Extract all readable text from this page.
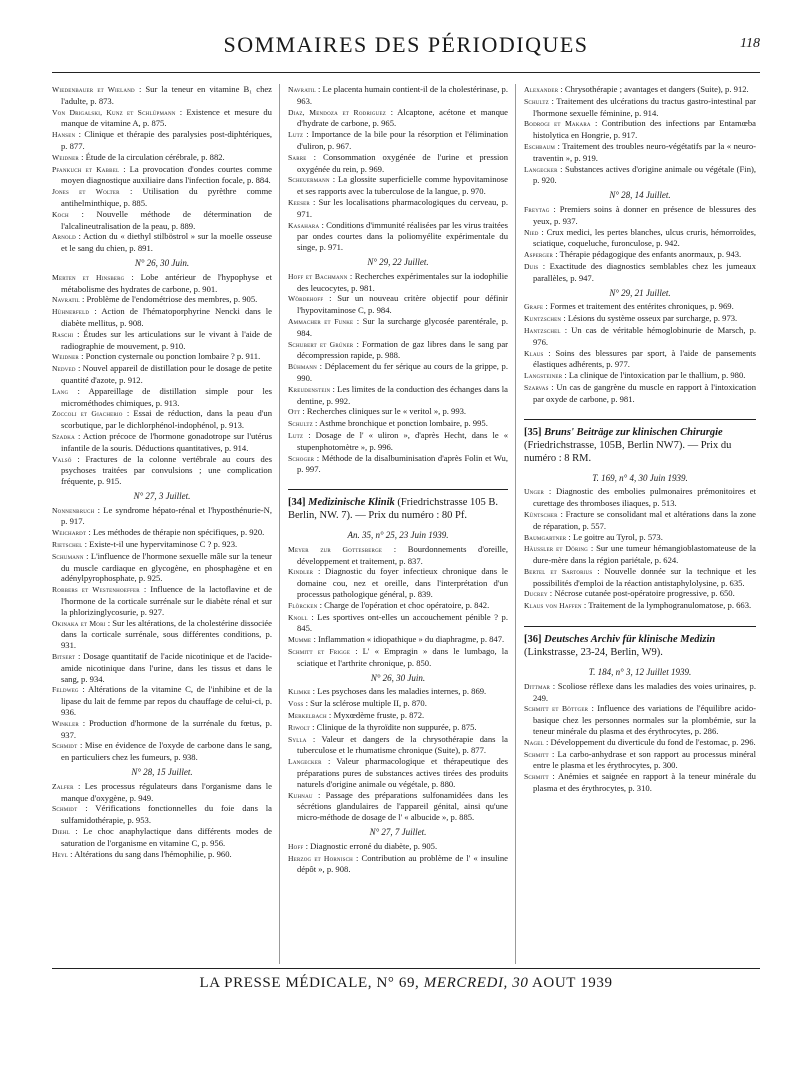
SOMMAIRES DES PÉRIODIQUES	118

Wiedenbauer et Wieland : Sur la teneur en vitamine B₁ chez l'adulte, p. 873.

Von Drigalski, Kunz et Schlüpmann : Existence et mesure du manque de vitamine A, p. 875.

Hansen : Clinique et thérapie des paralysies post-diphtériques, p. 877.

Weidner : Étude de la circulation cérébrale, p. 882.

Pfankuch et Kabbel : La provocation d'ondes courtes comme moyen diagnostique auxiliaire dans l'infection focale, p. 884.

Jones et Wolter : Utilisation du pyrèthre comme antihelminthique, p. 885.

Koch : Nouvelle méthode de détermination de l'alcalineutralisation de la peau, p. 889.

Arnold : Action du « diethyl stilböstrol » sur la moelle osseuse et le sang du chien, p. 891.

N° 26, 30 Juin.

Merten et Hinsberg : Lobe antérieur de l'hypophyse et métabolisme des hydrates de carbone, p. 901.

Navratil : Problème de l'endométriose des membres, p. 905.

Hühnerfeld : Action de l'hématoporphyrine Nencki dans le diabète mellitus, p. 908.

Raschi : Études sur les articulations sur le vivant à l'aide de radiographie de mouvement, p. 910.

Weidner : Ponction cysternale ou ponction lombaire ? p. 911.

Nedved : Nouvel appareil de distillation pour le dosage de petite quantité d'azote, p. 912.

Lang : Appareillage de distillation simple pour les microméthodes chimiques, p. 913.

Zoccoli et Giacherio : Essai de réduction, dans la peau d'un scorbutique, par le dichlorphénol-indophénol, p. 913.

Szadka : Action précoce de l'hormone gonadotrope sur l'utérus infantile de la souris. Déductions quantitatives, p. 914.

Valsö : Fractures de la colonne vertébrale au cours des psychoses traitées par convulsions ; une complication fréquente, p. 915.

N° 27, 3 Juillet.

Nonnenbruch : Le syndrome hépato-rénal et l'hyposthénurie-N, p. 917.

Weichardt : Les méthodes de thérapie non spécifiques, p. 920.

Rietschel : Existe-t-il une hypervitaminose C ? p. 923.

Schumann : L'influence de l'hormone sexuelle mâle sur la teneur du muscle cardiaque en glycogène, en phosphagène et en adénylpyrophosphate, p. 925.

Robbers et Westenhoeffer : Influence de la lactoflavine et de l'hormone de la corticale surrénale sur le diabète rénal et sur la phlorizinglycosurie, p. 927.

Okinaka et Mori : Sur les altérations, de la cholestérine dissociée dans la corticale surrénale, sous différentes conditions, p. 931.

Bitsert : Dosage quantitatif de l'acide nicotinique et de l'acide-amide nicotinique dans l'urine, dans les tissus et dans le sang, p. 934.

Feldweg : Altérations de la vitamine C, de l'inhibine et de la lipase du lait de femme par repos du chauffage de celui-ci, p. 936.

Winkler : Production d'hormone de la surrénale du fœtus, p. 937.

Schmidt : Mise en évidence de l'oxyde de carbone dans le sang, en particuliers chez les fumeurs, p. 938.

N° 28, 15 Juillet.

Zalfer : Les processus régulateurs dans l'organisme dans le manque d'oxygène, p. 949.

Schmidt : Vérifications fonctionnelles du foie dans la sulfamidothérapie, p. 953.

Diehl : Le choc anaphylactique dans différents modes de saturation de l'organisme en vitamine C, p. 956.

Heyl : Altérations du sang dans l'hémophilie, p. 960.

Navratil : Le placenta humain contient-il de la cholestérinase, p. 963.

Diaz, Mendoza et Rodriguez : Alcaptone, acétone et manque d'hydrate de carbone, p. 965.

Lutz : Importance de la bile pour la résorption et l'élimination d'uliron, p. 967.

Sarre : Consommation oxygénée de l'urine et pression oxygénée du rein, p. 969.

Scheuermann : La glossite superficielle comme hypovitaminose et ses rapports avec la tuberculose de la langue, p. 970.

Keeser : Sur les localisations pharmacologiques du cerveau, p. 971.

Kasahara : Conditions d'immunité réalisées par les virus traitées par ondes courtes dans la poliomyélite expérimentale du singe, p. 971.

N° 29, 22 Juillet.

Hoff et Bachmann : Recherches expérimentales sur la iodophilie des leucocytes, p. 981.

Wördehoff : Sur un nouveau critère objectif pour définir l'hypovitaminose C, p. 984.

Ammacher et Funke : Sur la surcharge glycosée parentérale, p. 984.

Schubert et Grüner : Formation de gaz libres dans le sang par décompression rapide, p. 988.

Bühmann : Déplacement du fer sérique au cours de la grippe, p. 990.

Kreudenstein : Les limites de la conduction des échanges dans la dentine, p. 992.

Ott : Recherches cliniques sur le « veritol », p. 993.

Schultz : Asthme bronchique et ponction lombaire, p. 995.

Lutz : Dosage de l' « uliron », d'après Hecht, dans le « stupenphotomètre », p. 996.

Schoger : Méthode de la disalbuminisation d'après Folin et Wu, p. 997.

[34] Medizinische Klinik (Friedrichstrasse 105 B. Berlin, NW. 7). — Prix du numéro : 80 Pf.
An. 35, n° 25, 23 Juin 1939.

Meyer zur Gottesberge : Bourdonnements d'oreille, développement et traitement, p. 837.

Kindler : Diagnostic du foyer infectieux chronique dans le domaine cou, nez et oreille, dans l'interprétation d'un processus pathologique général, p. 839.

Flörcken : Charge de l'opération et choc opératoire, p. 842.

Knoll : Les sportives ont-elles un accouchement pénible ? p. 845.

Mumme : Inflammation « idiopathique » du diaphragme, p. 847.

Schmitt et Frigge : L' « Empragin » dans le lumbago, la sciatique et l'arthrite chronique, p. 850.

N° 26, 30 Juin.

Klimke : Les psychoses dans les maladies internes, p. 869.

Voss : Sur la sclérose multiple II, p. 870.

Merkelbach : Myxœdème fruste, p. 872.

Riwolt : Clinique de la thyroïdite non suppurée, p. 875.

Sylla : Valeur et dangers de la chrysothérapie dans la tuberculose et le rhumatisme chronique (Suite), p. 877.

Langecker : Valeur pharmacologique et thérapeutique des préparations pures de substances actives tirées des produits naturels d'origine animale ou végétale, p. 880.

Kuhnau : Passage des préparations sulfonamidées dans les sécrétions glandulaires de l'appareil génital, ainsi qu'une micro-méthode de dosage de l' « albucide », p. 885.

N° 27, 7 Juillet.

Hoff : Diagnostic erroné du diabète, p. 905.

Herzog et Hornisch : Contribution au problème de l' « insuline dépôt », p. 908.

Alexander : Chrysothérapie ; avantages et dangers (Suite), p. 912.

Schultz : Traitement des ulcérations du tractus gastro-intestinal par l'hormone sexuelle féminine, p. 914.

Bodrogi et Makara : Contribution des infections par Entamœba histolytica en Hongrie, p. 917.

Eschbaum : Traitement des troubles neuro-végétatifs par la « neuro-traventin », p. 919.

Langecker : Substances actives d'origine animale ou végétale (Fin), p. 920.

N° 28, 14 Juillet.

Freytag : Premiers soins à donner en présence de blessures des yeux, p. 937.

Nied : Crux medici, les pertes blanches, ulcus cruris, hémorroïdes, sciatique, coqueluche, furonculose, p. 942.

Asperger : Thérapie pédagogique des enfants anormaux, p. 943.

Duis : Exactitude des diagnostics semblables chez les jumeaux parallèles, p. 947.

N° 29, 21 Juillet.

Grafe : Formes et traitement des entérites chroniques, p. 969.

Kuntzschen : Lésions du système osseux par surcharge, p. 973.

Hantzschel : Un cas de véritable hémoglobinurie de Marsch, p. 976.

Klaus : Soins des blessures par sport, à l'aide de pansements élastiques adhérents, p. 977.

Langsteiner : La clinique de l'intoxication par le thallium, p. 980.

Szarvas : Un cas de gangrène du muscle en rapport à l'intoxication par oxyde de carbone, p. 981.

[35] Bruns' Beiträge zur klinischen Chirurgie (Friedrichstrasse, 105B, Berlin NW7). — Prix du numéro : 8 RM.
T. 169, n° 4, 30 Juin 1939.

Unger : Diagnostic des embolies pulmonaires prémonitoires et curettage des thromboses iliaques, p. 513.

Küntscher : Fracture se consolidant mal et altérations dans la zone de réparation, p. 557.

Baumgartner : Le goitre au Tyrol, p. 573.

Häussler et Döring : Sur une tumeur hémangioblastomateuse de la dure-mère dans la région pariétale, p. 624.

Bertel et Sartorius : Nouvelle donnée sur la technique et les possibilités d'emploi de la réaction antistaphylolysine, p. 635.

Ducrey : Nécrose cutanée post-opératoire progressive, p. 650.

Klaus von Haffen : Traitement de la lymphogranulomatose, p. 663.

[36] Deutsches Archiv für klinische Medizin (Linkstrasse, 23-24, Berlin, W9).
T. 184, n° 3, 12 Juillet 1939.

Dittmar : Scoliose réflexe dans les maladies des voies urinaires, p. 249.

Schmitt et Böttger : Influence des variations de l'équilibre acido-basique chez les personnes normales sur la plombémie, sur la teneur minérale du plasma et des érythrocytes, p. 286.

Nagel : Développement du diverticule du fond de l'estomac, p. 296.

Schmitt : La carbo-anhydrase et son rapport au processus minéral entre le plasma et les érythrocytes, p. 300.

Schmitt : Anémies et saignée en rapport à la teneur minérale du plasma et des érythrocytes, p. 310.

LA PRESSE MÉDICALE, N° 69, MERCREDI, 30 AOUT 1939
